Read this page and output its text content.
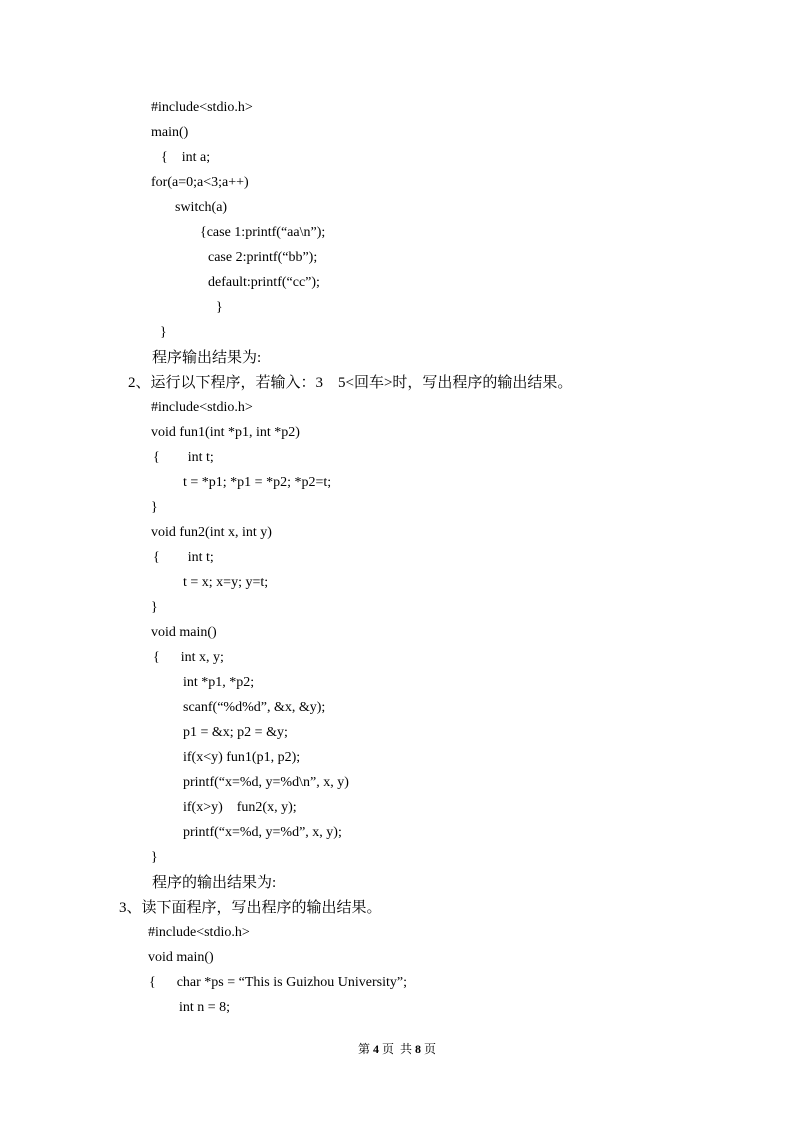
#include<stdio.h>
main()
{    int a;
for(a=0;a<3;a++)
switch(a)
{case 1:printf(“aa\n”);
case 2:printf(“bb”);
default:printf(“cc”);
}
}
程序输出结果为:
2、运行以下程序，若输入：3    5<回车>时，写出程序的输出结果。
#include<stdio.h>
void fun1(int *p1, int *p2)
{        int t;
t = *p1; *p1 = *p2; *p2=t;
}
void fun2(int x, int y)
{        int t;
t = x; x=y; y=t;
}
void main()
{      int x, y;
int *p1, *p2;
scanf(“%d%d”, &x, &y);
p1 = &x; p2 = &y;
if(x<y) fun1(p1, p2);
printf(“x=%d, y=%d\n”, x, y)
if(x>y)    fun2(x, y);
printf(“x=%d, y=%d”, x, y);
}
程序的输出结果为:
3、读下面程序，写出程序的输出结果。
#include<stdio.h>
void main()
{      char *ps = “This is Guizhou University”;
int n = 8;
第 4 页  共 8 页
